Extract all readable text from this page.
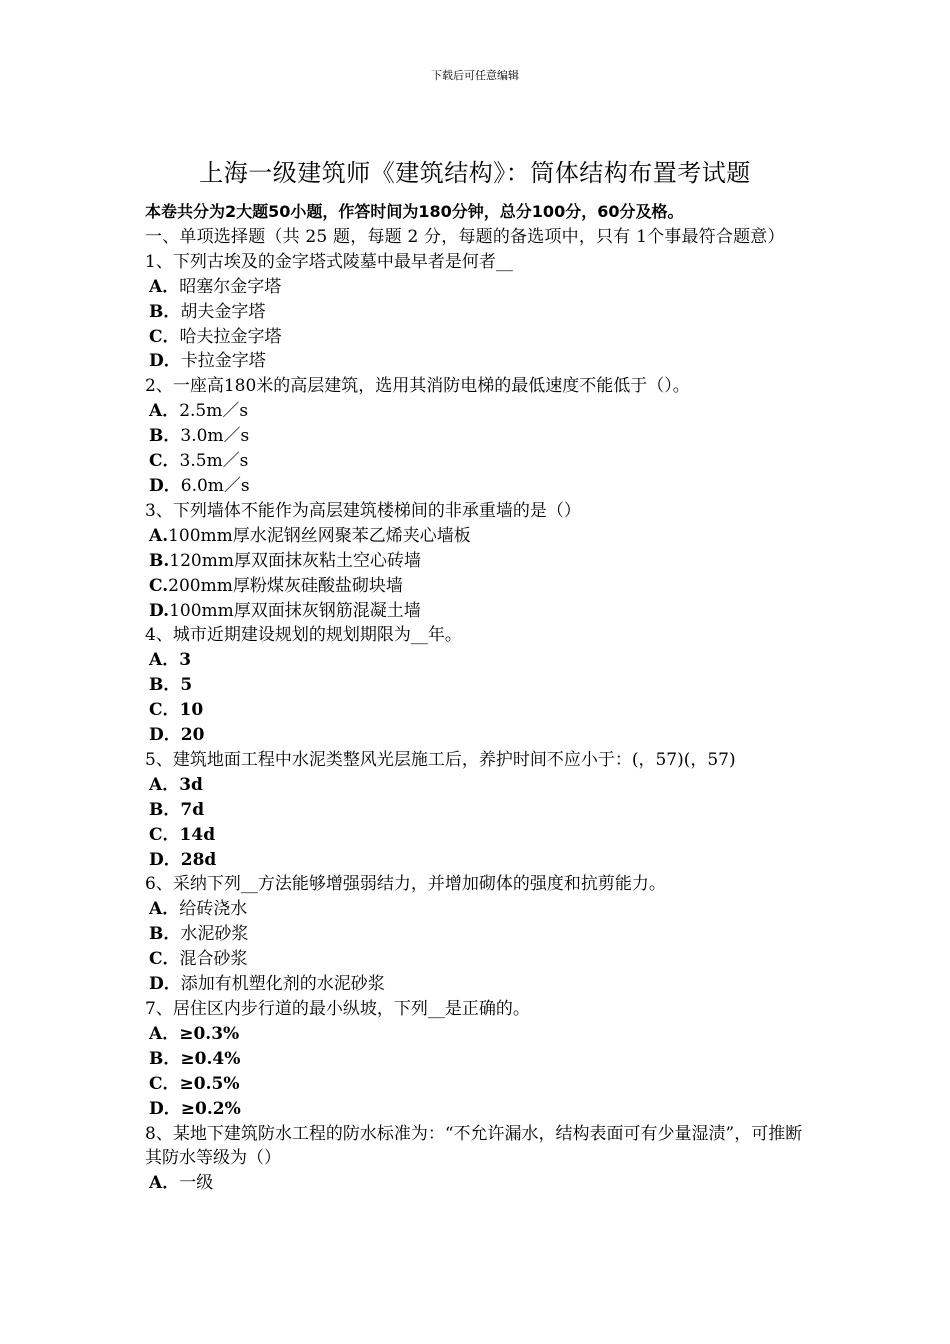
下载后可任意编辑
上海一级建筑师《建筑结构》：筒体结构布置考试题

本卷共分为2大题50小题，作答时间为180分钟，总分100分，60分及格。

一、单项选择题（共 25 题，每题 2 分，每题的备选项中，只有 1个事最符合题意）

1、下列古埃及的金字塔式陵墓中最早者是何者__

A．昭塞尔金字塔

B．胡夫金字塔

C．哈夫拉金字塔

D．卡拉金字塔

2、一座高180米的高层建筑，选用其消防电梯的最低速度不能低于（）。

A．2.5m／s

B．3.0m／s

C．3.5m／s

D．6.0m／s

3、下列墙体不能作为高层建筑楼梯间的非承重墙的是（）

A.100mm厚水泥钢丝网聚苯乙烯夹心墙板

B.120mm厚双面抹灰粘土空心砖墙

C.200mm厚粉煤灰硅酸盐砌块墙

D.100mm厚双面抹灰钢筋混凝土墙

4、城市近期建设规划的规划期限为__年。

A．3

B．5

C．10

D．20

5、建筑地面工程中水泥类整风光层施工后，养护时间不应小于：(，57)(，57)

A．3d

B．7d

C．14d

D．28d

6、采纳下列__方法能够增强弱结力，并增加砌体的强度和抗剪能力。

A．给砖浇水

B．水泥砂浆

C．混合砂浆

D．添加有机塑化剂的水泥砂浆

7、居住区内步行道的最小纵坡，下列__是正确的。

A．≥0.3%

B．≥0.4%

C．≥0.5%

D．≥0.2%

8、某地下建筑防水工程的防水标准为：“不允许漏水，结构表面可有少量湿渍”，可推断其防水等级为（）

A．一级
